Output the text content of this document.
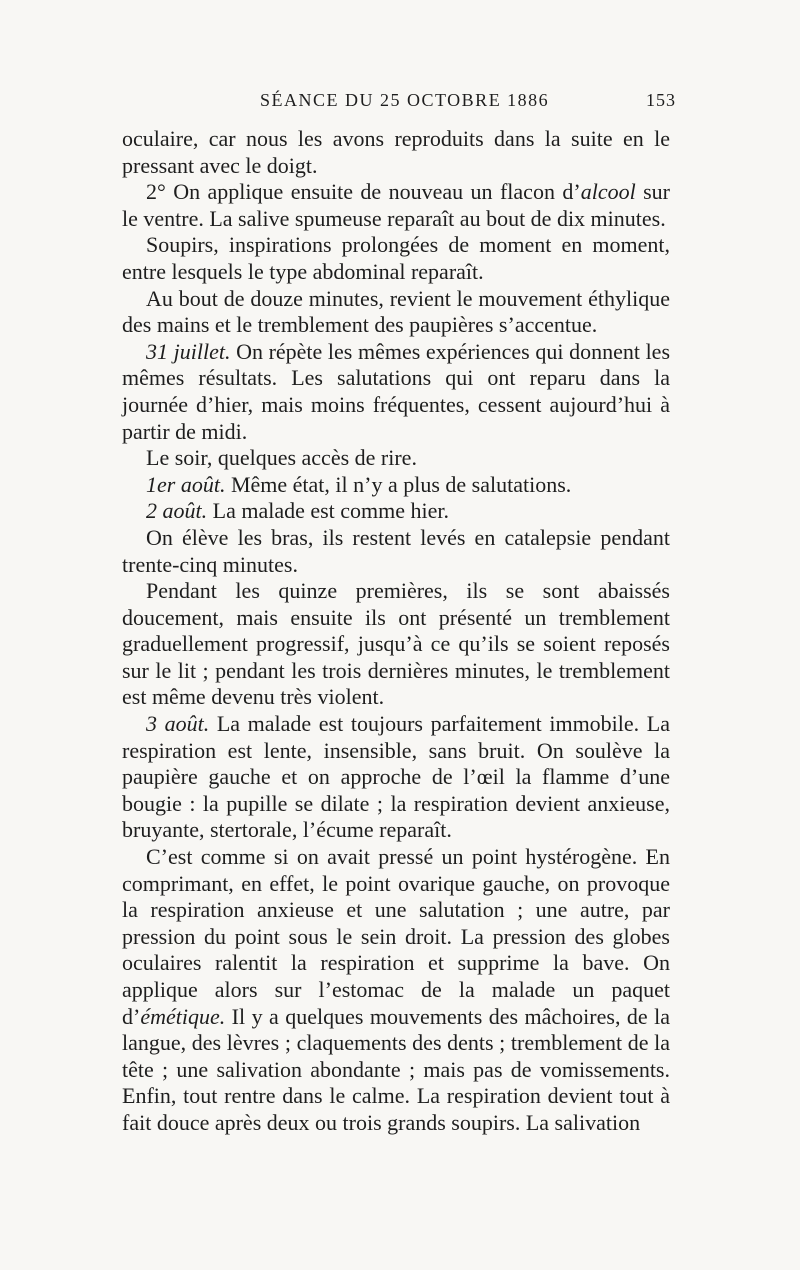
SÉANCE DU 25 OCTOBRE 1886	153

oculaire, car nous les avons reproduits dans la suite en le pressant avec le doigt.

2° On applique ensuite de nouveau un flacon d’alcool sur le ventre. La salive spumeuse reparaît au bout de dix minutes.

Soupirs, inspirations prolongées de moment en moment, entre lesquels le type abdominal reparaît.

Au bout de douze minutes, revient le mouvement éthylique des mains et le tremblement des paupières s’accentue.

31 juillet. On répète les mêmes expériences qui donnent les mêmes résultats. Les salutations qui ont reparu dans la journée d’hier, mais moins fréquentes, cessent aujourd’hui à partir de midi.

Le soir, quelques accès de rire.

1er août. Même état, il n’y a plus de salutations.

2 août. La malade est comme hier.

On élève les bras, ils restent levés en catalepsie pendant trente-cinq minutes.

Pendant les quinze premières, ils se sont abaissés doucement, mais ensuite ils ont présenté un tremblement graduellement progressif, jusqu’à ce qu’ils se soient reposés sur le lit ; pendant les trois dernières minutes, le tremblement est même devenu très violent.

3 août. La malade est toujours parfaitement immobile. La respiration est lente, insensible, sans bruit. On soulève la paupière gauche et on approche de l’œil la flamme d’une bougie : la pupille se dilate ; la respiration devient anxieuse, bruyante, stertorale, l’écume reparaît.

C’est comme si on avait pressé un point hystérogène. En comprimant, en effet, le point ovarique gauche, on provoque la respiration anxieuse et une salutation ; une autre, par pression du point sous le sein droit. La pression des globes oculaires ralentit la respiration et supprime la bave. On applique alors sur l’estomac de la malade un paquet d’émétique. Il y a quelques mouvements des mâchoires, de la langue, des lèvres ; claquements des dents ; tremblement de la tête ; une salivation abondante ; mais pas de vomissements. Enfin, tout rentre dans le calme. La respiration devient tout à fait douce après deux ou trois grands soupirs. La salivation
